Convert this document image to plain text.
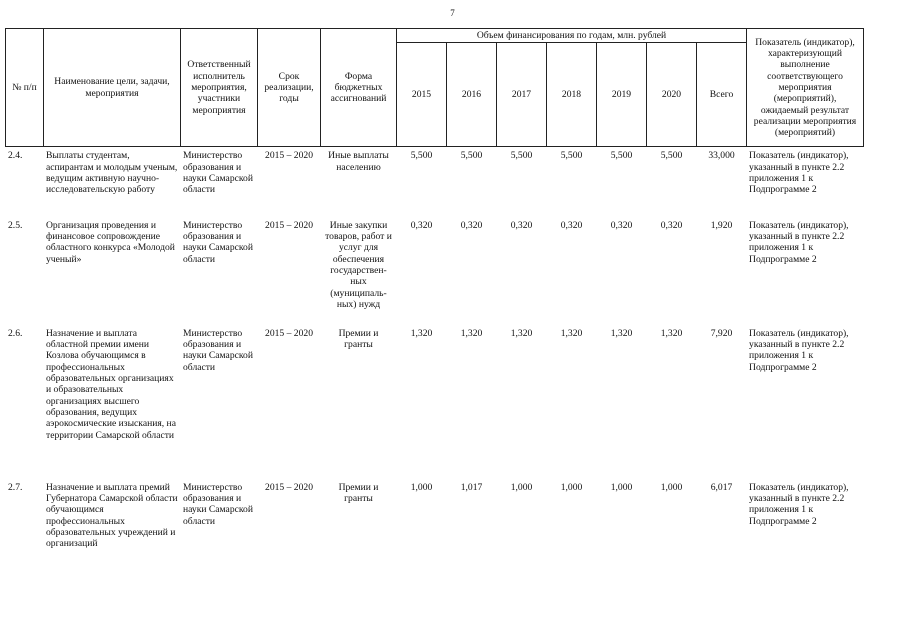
7
№ п/п	Наименование цели, задачи, мероприятия	Ответственный исполнитель мероприятия, участники мероприятия	Срок реализации, годы	Форма бюджетных ассигнований	Объем финансирования по годам, млн. рублей							Показатель (индикатор), характеризующий выполнение соответствующего мероприятия (мероприятий), ожидаемый результат реализации мероприятия (мероприятий)
					2015	2016	2017	2018	2019	2020	Всего	
2.4.	Выплаты студентам, аспирантам и молодым ученым, ведущим активную научно-исследовательскую работу	Министерство образования и науки Самарской области	2015 – 2020	Иные выплаты населению	5,500	5,500	5,500	5,500	5,500	5,500	33,000	Показатель (индикатор), указанный в пункте 2.2 приложения 1 к Подпрограмме 2
2.5.	Организация проведения и финансовое сопровождение областного конкурса «Молодой ученый»	Министерство образования и науки Самарской области	2015 – 2020	Иные закупки товаров, работ и услуг для обеспечения государствен- ных (муниципаль- ных) нужд	0,320	0,320	0,320	0,320	0,320	0,320	1,920	Показатель (индикатор), указанный в пункте 2.2 приложения 1 к Подпрограмме 2
2.6.	Назначение и выплата областной премии имени Козлова обучающимся в профессиональных образовательных организациях и образовательных организациях высшего образования, ведущих аэрокосмические изыскания, на территории Самарской области	Министерство образования и науки Самарской области	2015 – 2020	Премии и гранты	1,320	1,320	1,320	1,320	1,320	1,320	7,920	Показатель (индикатор), указанный в пункте 2.2 приложения 1 к Подпрограмме 2
2.7.	Назначение и выплата премий Губернатора Самарской области обучающимся профессиональных образовательных учреждений и организаций	Министерство образования и науки Самарской области	2015 – 2020	Премии и гранты	1,000	1,017	1,000	1,000	1,000	1,000	6,017	Показатель (индикатор), указанный в пункте 2.2 приложения 1 к Подпрограмме 2
